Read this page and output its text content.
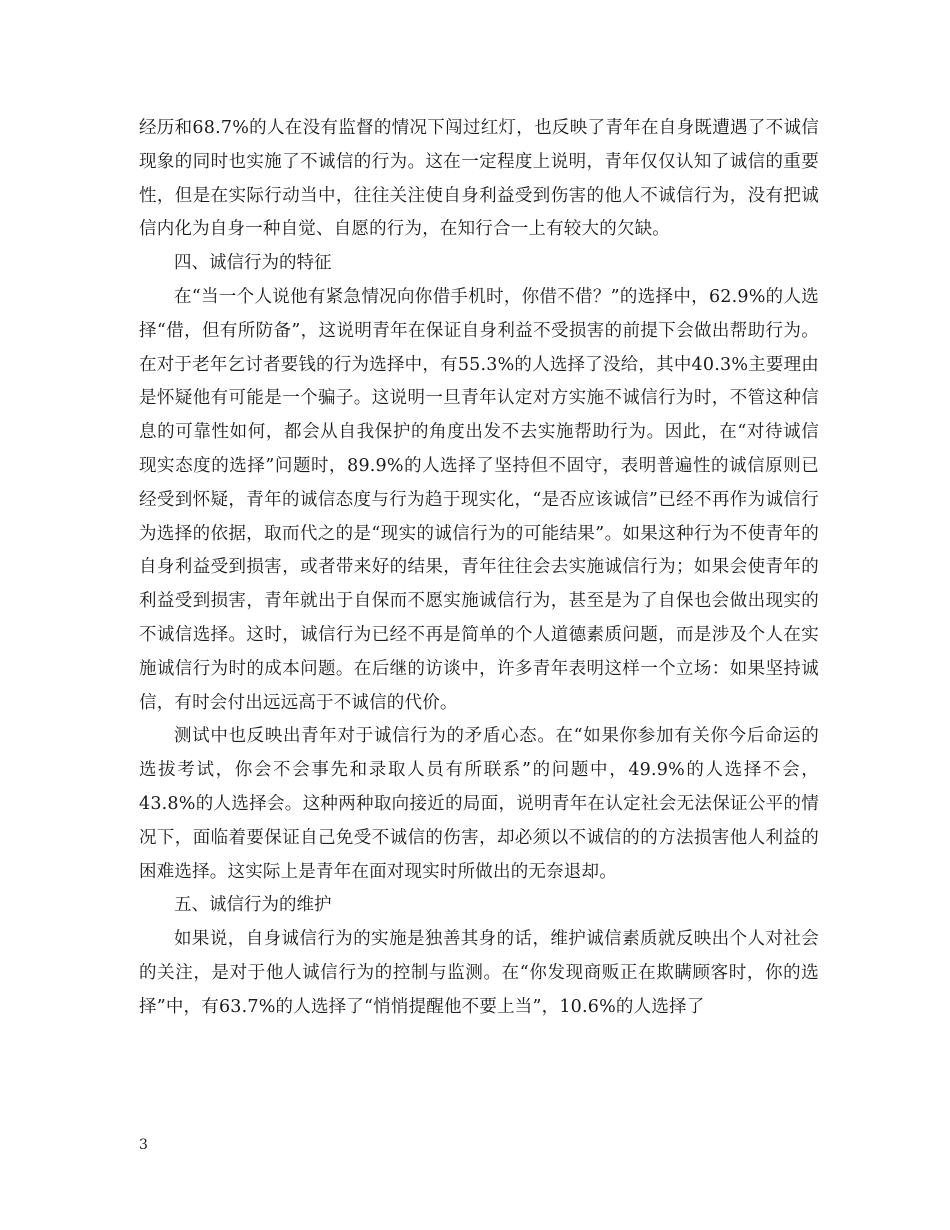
经历和68.7%的人在没有监督的情况下闯过红灯，也反映了青年在自身既遭遇了不诚信现象的同时也实施了不诚信的行为。这在一定程度上说明，青年仅仅认知了诚信的重要性，但是在实际行动当中，往往关注使自身利益受到伤害的他人不诚信行为，没有把诚信内化为自身一种自觉、自愿的行为，在知行合一上有较大的欠缺。

四、诚信行为的特征

在“当一个人说他有紧急情况向你借手机时，你借不借？”的选择中，62.9%的人选择“借，但有所防备”，这说明青年在保证自身利益不受损害的前提下会做出帮助行为。在对于老年乞讨者要钱的行为选择中，有55.3%的人选择了没给，其中40.3%主要理由是怀疑他有可能是一个骗子。这说明一旦青年认定对方实施不诚信行为时，不管这种信息的可靠性如何，都会从自我保护的角度出发不去实施帮助行为。因此，在“对待诚信现实态度的选择”问题时，89.9%的人选择了坚持但不固守，表明普遍性的诚信原则已经受到怀疑，青年的诚信态度与行为趋于现实化，“是否应该诚信”已经不再作为诚信行为选择的依据，取而代之的是“现实的诚信行为的可能结果”。如果这种行为不使青年的自身利益受到损害，或者带来好的结果，青年往往会去实施诚信行为；如果会使青年的利益受到损害，青年就出于自保而不愿实施诚信行为，甚至是为了自保也会做出现实的不诚信选择。这时，诚信行为已经不再是简单的个人道德素质问题，而是涉及个人在实施诚信行为时的成本问题。在后继的访谈中，许多青年表明这样一个立场：如果坚持诚信，有时会付出远远高于不诚信的代价。

测试中也反映出青年对于诚信行为的矛盾心态。在“如果你参加有关你今后命运的选拔考试，你会不会事先和录取人员有所联系”的问题中，49.9%的人选择不会，43.8%的人选择会。这种两种取向接近的局面，说明青年在认定社会无法保证公平的情况下，面临着要保证自己免受不诚信的伤害，却必须以不诚信的的方法损害他人利益的困难选择。这实际上是青年在面对现实时所做出的无奈退却。

五、诚信行为的维护

如果说，自身诚信行为的实施是独善其身的话，维护诚信素质就反映出个人对社会的关注，是对于他人诚信行为的控制与监测。在“你发现商贩正在欺瞒顾客时，你的选择”中，有63.7%的人选择了“悄悄提醒他不要上当”，10.6%的人选择了

3
